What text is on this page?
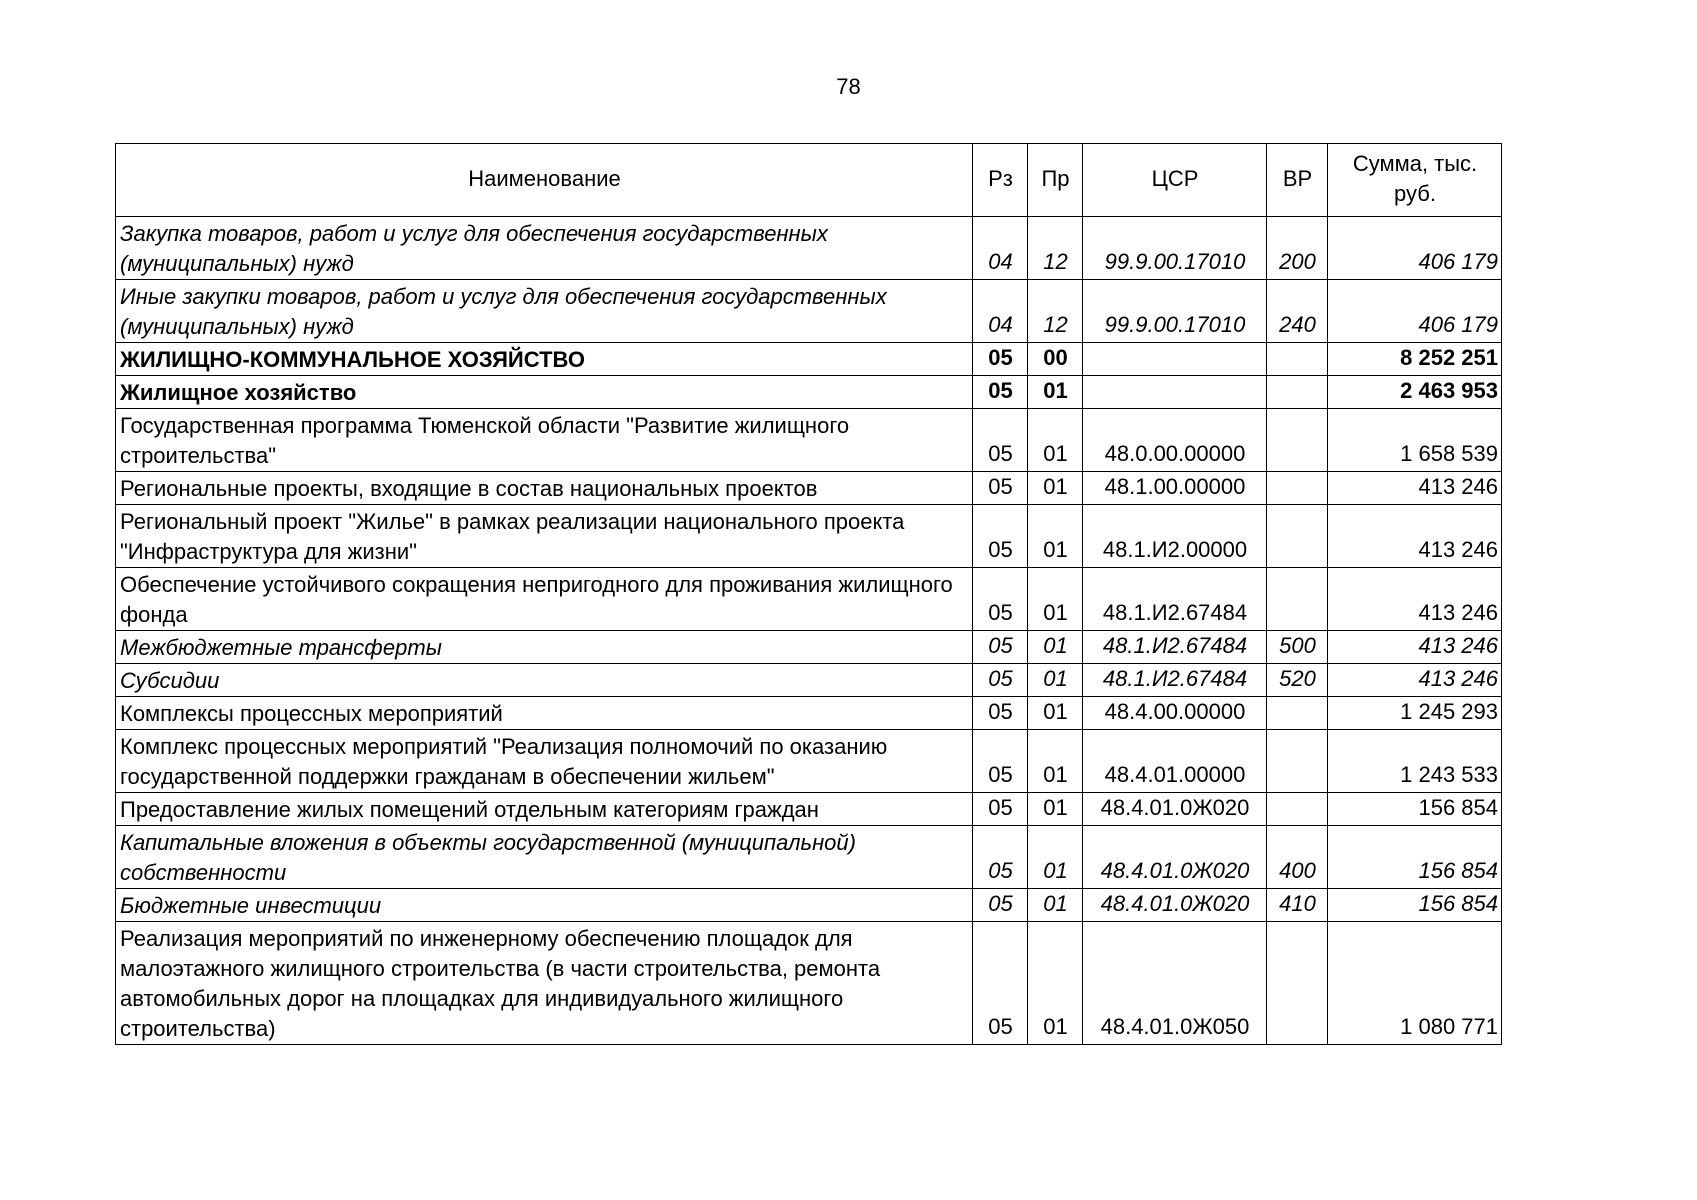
78
Наименование	Рз	Пр	ЦСР	ВР	Сумма, тыс. руб.
Закупка товаров, работ и услуг для обеспечения государственных (муниципальных) нужд	04	12	99.9.00.17010	200	406 179
Иные закупки товаров, работ и услуг для обеспечения государственных (муниципальных) нужд	04	12	99.9.00.17010	240	406 179
ЖИЛИЩНО-КОММУНАЛЬНОЕ ХОЗЯЙСТВО	05	00			8 252 251
Жилищное хозяйство	05	01			2 463 953
Государственная программа Тюменской области "Развитие жилищного строительства"	05	01	48.0.00.00000		1 658 539
Региональные проекты, входящие в состав национальных проектов	05	01	48.1.00.00000		413 246
Региональный проект "Жилье" в рамках реализации национального проекта "Инфраструктура для жизни"	05	01	48.1.И2.00000		413 246
Обеспечение устойчивого сокращения непригодного для проживания жилищного фонда	05	01	48.1.И2.67484		413 246
Межбюджетные трансферты	05	01	48.1.И2.67484	500	413 246
Субсидии	05	01	48.1.И2.67484	520	413 246
Комплексы процессных мероприятий	05	01	48.4.00.00000		1 245 293
Комплекс процессных мероприятий "Реализация полномочий по оказанию государственной поддержки гражданам в обеспечении жильем"	05	01	48.4.01.00000		1 243 533
Предоставление жилых помещений отдельным категориям граждан	05	01	48.4.01.0Ж020		156 854
Капитальные вложения в объекты государственной (муниципальной) собственности	05	01	48.4.01.0Ж020	400	156 854
Бюджетные инвестиции	05	01	48.4.01.0Ж020	410	156 854
Реализация мероприятий по инженерному обеспечению площадок для малоэтажного жилищного строительства (в части строительства, ремонта автомобильных дорог на площадках для индивидуального жилищного строительства)	05	01	48.4.01.0Ж050		1 080 771
